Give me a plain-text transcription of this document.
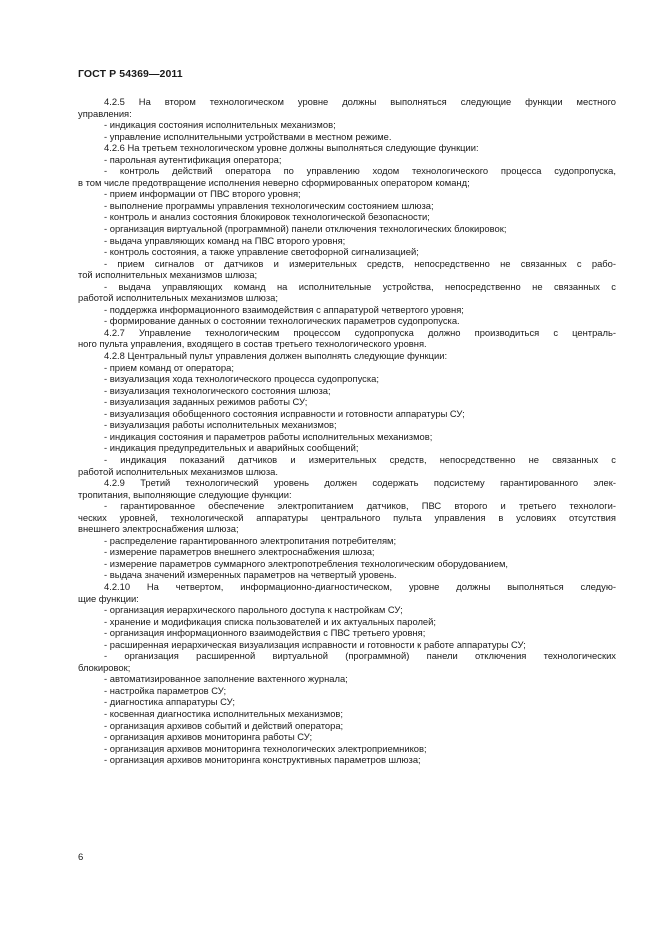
ГОСТ Р 54369—2011
4.2.5 На втором технологическом уровне должны выполняться следующие функции местного
управления:
- индикация состояния исполнительных механизмов;
- управление исполнительными устройствами в местном режиме.
4.2.6 На третьем технологическом уровне должны выполняться следующие функции:
- парольная аутентификация оператора;
- контроль действий оператора по управлению ходом технологического процесса судопропуска,
в том числе предотвращение исполнения неверно сформированных оператором команд;
- прием информации от ПВС второго уровня;
- выполнение программы управления технологическим состоянием шлюза;
- контроль и анализ состояния блокировок технологической безопасности;
- организация виртуальной (программной) панели отключения технологических блокировок;
- выдача управляющих команд на ПВС второго уровня;
- контроль состояния, а также управление светофорной сигнализацией;
- прием сигналов от датчиков и измерительных средств, непосредственно не связанных с рабо-
той исполнительных механизмов шлюза;
- выдача управляющих команд на исполнительные устройства, непосредственно не связанных с
работой исполнительных механизмов шлюза;
- поддержка информационного взаимодействия с аппаратурой четвертого уровня;
- формирование данных о состоянии технологических параметров судопропуска.
4.2.7 Управление технологическим процессом судопропуска должно производиться с централь-
ного пульта управления, входящего в состав третьего технологического уровня.
4.2.8 Центральный пульт управления должен выполнять следующие функции:
- прием команд от оператора;
- визуализация хода технологического процесса судопропуска;
- визуализация технологического состояния шлюза;
- визуализация заданных режимов работы СУ;
- визуализация обобщенного состояния исправности и готовности аппаратуры СУ;
- визуализация работы исполнительных механизмов;
- индикация состояния и параметров работы исполнительных механизмов;
- индикация предупредительных и аварийных сообщений;
- индикация показаний датчиков и измерительных средств, непосредственно не связанных с
работой исполнительных механизмов шлюза.
4.2.9 Третий технологический уровень должен содержать подсистему гарантированного элек-
тропитания, выполняющие следующие функции:
- гарантированное обеспечение электропитанием датчиков, ПВС второго и третьего технологи-
ческих уровней, технологической аппаратуры центрального пульта управления в условиях отсутствия
внешнего электроснабжения шлюза;
- распределение гарантированного электропитания потребителям;
- измерение параметров внешнего электроснабжения шлюза;
- измерение параметров суммарного электропотребления технологическим оборудованием,
- выдача значений измеренных параметров на четвертый уровень.
4.2.10 На четвертом, информационно-диагностическом, уровне должны выполняться следую-
щие функции:
- организация иерархического парольного доступа к настройкам СУ;
- хранение и модификация списка пользователей и их актуальных паролей;
- организация информационного взаимодействия с ПВС третьего уровня;
- расширенная иерархическая визуализация исправности и готовности к работе аппаратуры СУ;
- организация расширенной виртуальной (программной) панели отключения технологических
блокировок;
- автоматизированное заполнение вахтенного журнала;
- настройка параметров СУ;
- диагностика аппаратуры СУ;
- косвенная диагностика исполнительных механизмов;
- организация архивов событий и действий оператора;
- организация архивов мониторинга работы СУ;
- организация архивов мониторинга технологических электроприемников;
- организация архивов мониторинга конструктивных параметров шлюза;
6
